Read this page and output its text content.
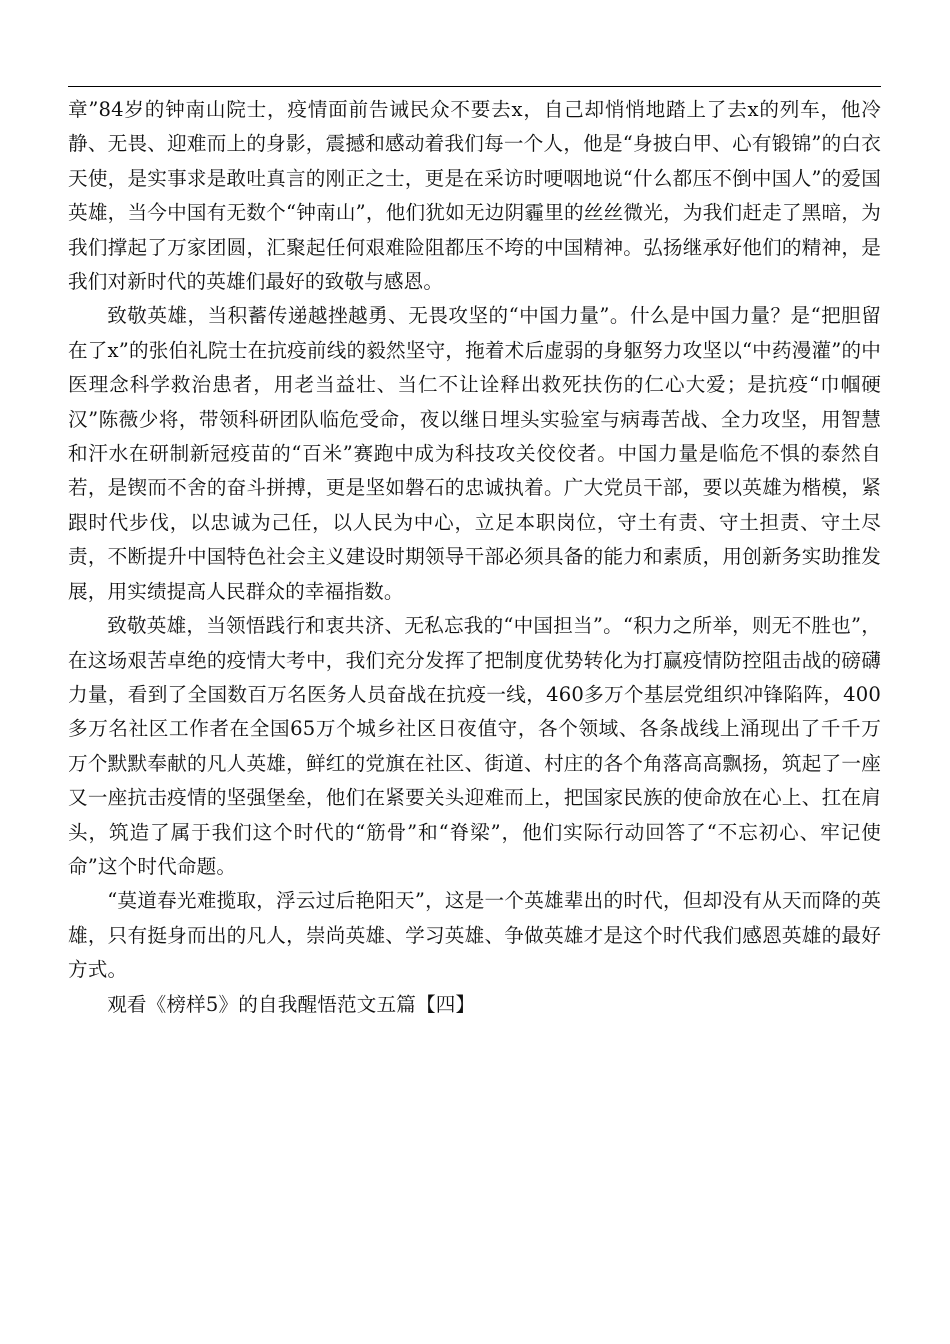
章”84岁的钟南山院士，疫情面前告诫民众不要去x，自己却悄悄地踏上了去x的列车，他冷静、无畏、迎难而上的身影，震撼和感动着我们每一个人，他是“身披白甲、心有锻锦”的白衣天使，是实事求是敢吐真言的刚正之士，更是在采访时哽咽地说“什么都压不倒中国人”的爱国英雄，当今中国有无数个“钟南山”，他们犹如无边阴霾里的丝丝微光，为我们赶走了黑暗，为我们撑起了万家团圆，汇聚起任何艰难险阻都压不垮的中国精神。弘扬继承好他们的精神，是我们对新时代的英雄们最好的致敬与感恩。

致敬英雄，当积蓄传递越挫越勇、无畏攻坚的“中国力量”。什么是中国力量？是“把胆留在了x”的张伯礼院士在抗疫前线的毅然坚守，拖着术后虚弱的身躯努力攻坚以“中药漫灌”的中医理念科学救治患者，用老当益壮、当仁不让诠释出救死扶伤的仁心大爱；是抗疫“巾帼硬汉”陈薇少将，带领科研团队临危受命，夜以继日埋头实验室与病毒苦战、全力攻坚，用智慧和汗水在研制新冠疫苗的“百米”赛跑中成为科技攻关佼佼者。中国力量是临危不惧的泰然自若，是锲而不舍的奋斗拼搏，更是坚如磐石的忠诚执着。广大党员干部，要以英雄为楷模，紧跟时代步伐，以忠诚为己任，以人民为中心，立足本职岗位，守土有责、守土担责、守土尽责，不断提升中国特色社会主义建设时期领导干部必须具备的能力和素质，用创新务实助推发展，用实绩提高人民群众的幸福指数。

致敬英雄，当领悟践行和衷共济、无私忘我的“中国担当”。“积力之所举，则无不胜也”，在这场艰苦卓绝的疫情大考中，我们充分发挥了把制度优势转化为打赢疫情防控阻击战的磅礴力量，看到了全国数百万名医务人员奋战在抗疫一线，460多万个基层党组织冲锋陷阵，400多万名社区工作者在全国65万个城乡社区日夜值守，各个领域、各条战线上涌现出了千千万万个默默奉献的凡人英雄，鲜红的党旗在社区、街道、村庄的各个角落高高飘扬，筑起了一座又一座抗击疫情的坚强堡垒，他们在紧要关头迎难而上，把国家民族的使命放在心上、扛在肩头，筑造了属于我们这个时代的“筋骨”和“脊梁”，他们实际行动回答了“不忘初心、牢记使命”这个时代命题。

“莫道春光难揽取，浮云过后艳阳天”，这是一个英雄辈出的时代，但却没有从天而降的英雄，只有挺身而出的凡人，崇尚英雄、学习英雄、争做英雄才是这个时代我们感恩英雄的最好方式。

观看《榜样5》的自我醒悟范文五篇【四】
